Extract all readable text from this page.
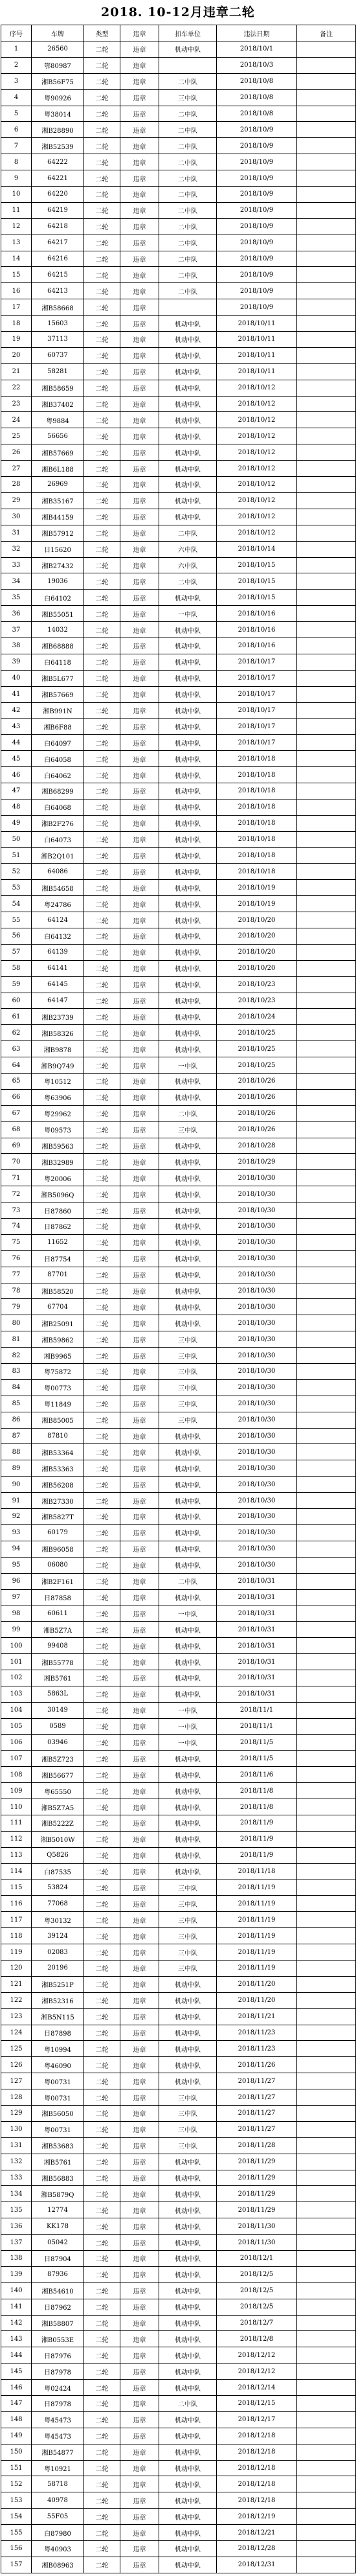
2018. 10-12月违章二轮
序号	车牌	类型	违章	扣车单位	违法日期	备注
1	26560	二轮	违章	机动中队	2018/10/1	
2	鄂80987	二轮	违章		2018/10/3	
3	湘B56F75	二轮	违章	二中队	2018/10/8	
4	粤90926	二轮	违章	三中队	2018/10/8	
5	粤38014	二轮	违章	二中队	2018/10/8	
6	湘B28890	二轮	违章	二中队	2018/10/9	
7	湘B52539	二轮	违章	二中队	2018/10/9	
8	64222	二轮	违章	二中队	2018/10/9	
9	64221	二轮	违章	二中队	2018/10/9	
10	64220	二轮	违章	二中队	2018/10/9	
11	64219	二轮	违章	二中队	2018/10/9	
12	64218	二轮	违章	二中队	2018/10/9	
13	64217	二轮	违章	二中队	2018/10/9	
14	64216	二轮	违章	二中队	2018/10/9	
15	64215	二轮	违章	二中队	2018/10/9	
16	64213	二轮	违章	二中队	2018/10/9	
17	湘B58668	二轮	违章		2018/10/9	
18	15603	二轮	违章	机动中队	2018/10/11	
19	37113	二轮	违章	机动中队	2018/10/11	
20	60737	二轮	违章	机动中队	2018/10/11	
21	58281	二轮	违章	机动中队	2018/10/11	
22	湘B58659	二轮	违章	机动中队	2018/10/12	
23	湘B37402	二轮	违章	机动中队	2018/10/12	
24	粤9884	二轮	违章	机动中队	2018/10/12	
25	56656	二轮	违章	机动中队	2018/10/12	
26	湘B57669	二轮	违章	机动中队	2018/10/12	
27	湘B6L188	二轮	违章	机动中队	2018/10/12	
28	26969	二轮	违章	机动中队	2018/10/12	
29	湘B35167	二轮	违章	机动中队	2018/10/12	
30	湘B44159	二轮	违章	机动中队	2018/10/12	
31	湘B57912	二轮	违章	二中队	2018/10/12	
32	日15620	二轮	违章	六中队	2018/10/14	
33	湘B27432	二轮	违章	六中队	2018/10/15	
34	19036	二轮	违章	二中队	2018/10/15	
35	白64102	二轮	违章	机动中队	2018/10/15	
36	湘B55051	二轮	违章	一中队	2018/10/16	
37	14032	二轮	违章	机动中队	2018/10/16	
38	湘B68888	二轮	违章	机动中队	2018/10/16	
39	白64118	二轮	违章	机动中队	2018/10/17	
40	湘B5L677	二轮	违章	机动中队	2018/10/17	
41	湘B57669	二轮	违章	机动中队	2018/10/17	
42	湘B991N	二轮	违章	机动中队	2018/10/17	
43	湘B6F88	二轮	违章	机动中队	2018/10/17	
44	白64097	二轮	违章	机动中队	2018/10/17	
45	白64058	二轮	违章	机动中队	2018/10/18	
46	白64062	二轮	违章	机动中队	2018/10/18	
47	湘B68299	二轮	违章	机动中队	2018/10/18	
48	白64068	二轮	违章	机动中队	2018/10/18	
49	湘B2F276	二轮	违章	机动中队	2018/10/18	
50	白64073	二轮	违章	机动中队	2018/10/18	
51	湘B2Q101	二轮	违章	机动中队	2018/10/18	
52	64086	二轮	违章	机动中队	2018/10/18	
53	湘B54658	二轮	违章	机动中队	2018/10/19	
54	粤24786	二轮	违章	机动中队	2018/10/19	
55	64124	二轮	违章	机动中队	2018/10/20	
56	白64132	二轮	违章	机动中队	2018/10/20	
57	64139	二轮	违章	机动中队	2018/10/20	
58	64141	二轮	违章	机动中队	2018/10/20	
59	64145	二轮	违章	机动中队	2018/10/23	
60	64147	二轮	违章	机动中队	2018/10/23	
61	湘B23739	二轮	违章	机动中队	2018/10/24	
62	湘B58326	二轮	违章	机动中队	2018/10/25	
63	湘B9878	二轮	违章	机动中队	2018/10/25	
64	湘B9Q749	二轮	违章	一中队	2018/10/25	
65	粤10512	二轮	违章	机动中队	2018/10/26	
66	粤63906	二轮	违章	机动中队	2018/10/26	
67	粤29962	二轮	违章	二中队	2018/10/26	
68	粤09573	二轮	违章	三中队	2018/10/26	
69	湘B59563	二轮	违章	机动中队	2018/10/28	
70	湘B32989	二轮	违章	机动中队	2018/10/29	
71	粤20006	二轮	违章	机动中队	2018/10/30	
72	湘B5096Q	二轮	违章	机动中队	2018/10/30	
73	日87860	二轮	违章	机动中队	2018/10/30	
74	日87862	二轮	违章	机动中队	2018/10/30	
75	11652	二轮	违章	机动中队	2018/10/30	
76	日87754	二轮	违章	机动中队	2018/10/30	
77	87701	二轮	违章	机动中队	2018/10/30	
78	湘B58520	二轮	违章	机动中队	2018/10/30	
79	67704	二轮	违章	机动中队	2018/10/30	
80	湘B25091	二轮	违章	机动中队	2018/10/30	
81	湘B59862	二轮	违章	三中队	2018/10/30	
82	湘B9965	二轮	违章	三中队	2018/10/30	
83	粤75872	二轮	违章	三中队	2018/10/30	
84	粤00773	二轮	违章	三中队	2018/10/30	
85	粤11849	二轮	违章	三中队	2018/10/30	
86	湘B85005	二轮	违章	三中队	2018/10/30	
87	87810	二轮	违章	机动中队	2018/10/30	
88	湘B53364	二轮	违章	机动中队	2018/10/30	
89	湘B53363	二轮	违章	机动中队	2018/10/30	
90	湘B56208	二轮	违章	机动中队	2018/10/30	
91	湘B27330	二轮	违章	机动中队	2018/10/30	
92	湘B5827T	二轮	违章	机动中队	2018/10/30	
93	60179	二轮	违章	机动中队	2018/10/30	
94	湘B96058	二轮	违章	机动中队	2018/10/30	
95	06080	二轮	违章	机动中队	2018/10/30	
96	湘B2F161	二轮	违章	二中队	2018/10/31	
97	日87858	二轮	违章	机动中队	2018/10/31	
98	60611	二轮	违章	一中队	2018/10/31	
99	湘B5Z7A	二轮	违章	机动中队	2018/10/31	
100	99408	二轮	违章	机动中队	2018/10/31	
101	湘B55778	二轮	违章	机动中队	2018/10/31	
102	湘B5761	二轮	违章	机动中队	2018/10/31	
103	5863L	二轮	违章	机动中队	2018/10/31	
104	30149	二轮	违章	一中队	2018/11/1	
105	0589	二轮	违章	一中队	2018/11/1	
106	03946	二轮	违章	一中队	2018/11/5	
107	湘B5Z723	二轮	违章	机动中队	2018/11/5	
108	湘B56677	二轮	违章	机动中队	2018/11/6	
109	粤65550	二轮	违章	机动中队	2018/11/8	
110	湘B5Z7A5	二轮	违章	机动中队	2018/11/8	
111	湘B5222Z	二轮	违章	机动中队	2018/11/9	
112	湘B5010W	二轮	违章	机动中队	2018/11/9	
113	Q5826	二轮	违章	机动中队	2018/11/9	
114	白87535	二轮	违章	机动中队	2018/11/18	
115	53824	二轮	违章	三中队	2018/11/19	
116	77068	二轮	违章	三中队	2018/11/19	
117	粤30132	二轮	违章	三中队	2018/11/19	
118	39124	二轮	违章	三中队	2018/11/19	
119	02083	二轮	违章	三中队	2018/11/19	
120	20196	二轮	违章	三中队	2018/11/19	
121	湘B5251P	二轮	违章	机动中队	2018/11/20	
122	湘B52316	二轮	违章	机动中队	2018/11/20	
123	湘B5N115	二轮	违章	机动中队	2018/11/21	
124	日87898	二轮	违章	机动中队	2018/11/23	
125	粤10994	二轮	违章	机动中队	2018/11/23	
126	粤46090	二轮	违章	机动中队	2018/11/26	
127	粤00731	二轮	违章	机动中队	2018/11/27	
128	粤00731	二轮	违章	三中队	2018/11/27	
129	湘B56050	二轮	违章	三中队	2018/11/27	
130	粤00731	二轮	违章	三中队	2018/11/27	
131	湘B53683	二轮	违章	三中队	2018/11/28	
132	湘B5761	二轮	违章	机动中队	2018/11/29	
133	湘B56883	二轮	违章	机动中队	2018/11/29	
134	湘B5879Q	二轮	违章	机动中队	2018/11/29	
135	12774	二轮	违章	机动中队	2018/11/29	
136	KK178	二轮	违章	机动中队	2018/11/30	
137	05042	二轮	违章	机动中队	2018/11/30	
138	日87904	二轮	违章	机动中队	2018/12/1	
139	87936	二轮	违章	机动中队	2018/12/5	
140	湘B54610	二轮	违章	机动中队	2018/12/5	
141	日87962	二轮	违章	机动中队	2018/12/5	
142	湘B58807	二轮	违章	机动中队	2018/12/7	
143	湘B0553E	二轮	违章	机动中队	2018/12/8	
144	日87976	二轮	违章	机动中队	2018/12/12	
145	日87978	二轮	违章	机动中队	2018/12/12	
146	粤02424	二轮	违章	机动中队	2018/12/14	
147	日87978	二轮	违章	二中队	2018/12/15	
148	粤45473	二轮	违章	机动中队	2018/12/17	
149	粤45473	二轮	违章	机动中队	2018/12/18	
150	湘B54877	二轮	违章	机动中队	2018/12/18	
151	粤10921	二轮	违章	机动中队	2018/12/18	
152	58718	二轮	违章	机动中队	2018/12/18	
153	40978	二轮	违章	机动中队	2018/12/18	
154	55F05	二轮	违章	机动中队	2018/12/19	
155	白87980	二轮	违章	机动中队	2018/12/21	
156	粤40903	二轮	违章	机动中队	2018/12/28	
157	湘B08963	二轮	违章	机动中队	2018/12/31	
